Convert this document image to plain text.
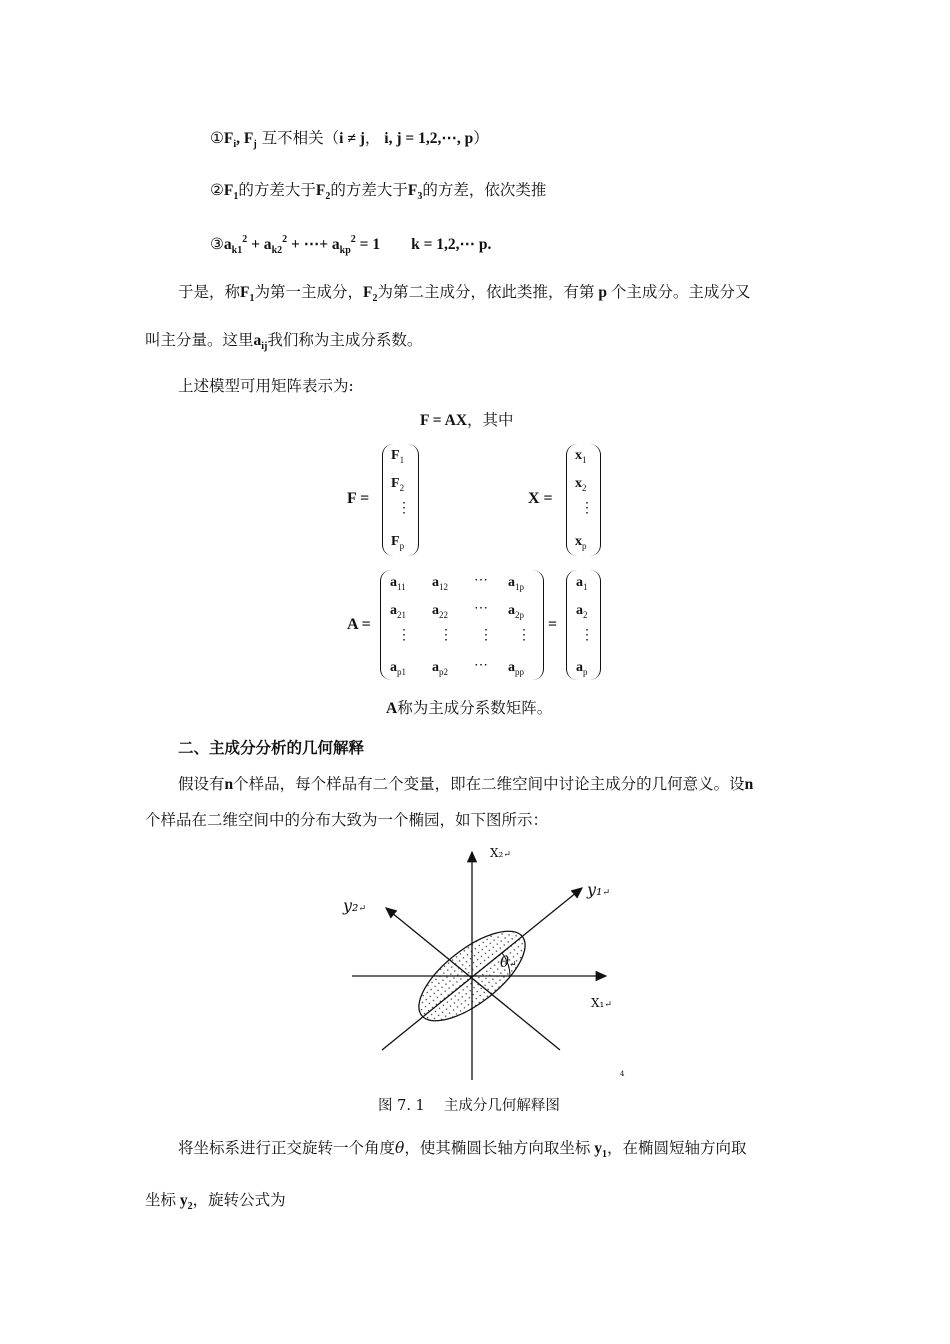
$①F_i$, $F_j$ 互不相关（i ≠ j， i, j = 1,2,⋯, p）
$②F_1$的方差大于$F_2$的方差大于$F_3$的方差，依次类推
$③a_{k1}^2 + a_{k2}^2$ + ⋯+ $a_{kp}^2 = 1$ k = 1,2,⋯ p.
于是，称$F_1$为第一主成分，$F_2$为第二主成分，依此类推，有第 p 个主成分。主成分又
叫主分量。这里$a_{ij}$我们称为主成分系数。
上述模型可用矩阵表示为:
F = AX，其中
F =
$F_1$
$F_2$
⋮
$F_p$
X =
$x_1$
$x_2$
⋮
$x_p$
A =
$a_{11}$ $a_{12}$ ⋯ $a_{1p}$
$a_{21}$ $a_{22}$ ⋯ $a_{2p}$
⋮ ⋮ ⋮ ⋮
$a_{p1}$ $a_{p2}$ ⋯ $a_{pp}$
=
$a_1$
$a_2$
⋮
$a_p$
A称为主成分系数矩阵。
二、主成分分析的几何解释
假设有n个样品，每个样品有二个变量，即在二维空间中讨论主成分的几何意义。设n
个样品在二维空间中的分布大致为一个椭园，如下图所示：
X₂↵
y₁↵
y₂↵
θ↵
X₁↵
4
图 7. 1　 主成分几何解释图
将坐标系进行正交旋转一个角度θ，使其椭圆长轴方向取坐标 $y_1$，在椭圆短轴方向取
坐标 $y_2$，旋转公式为
